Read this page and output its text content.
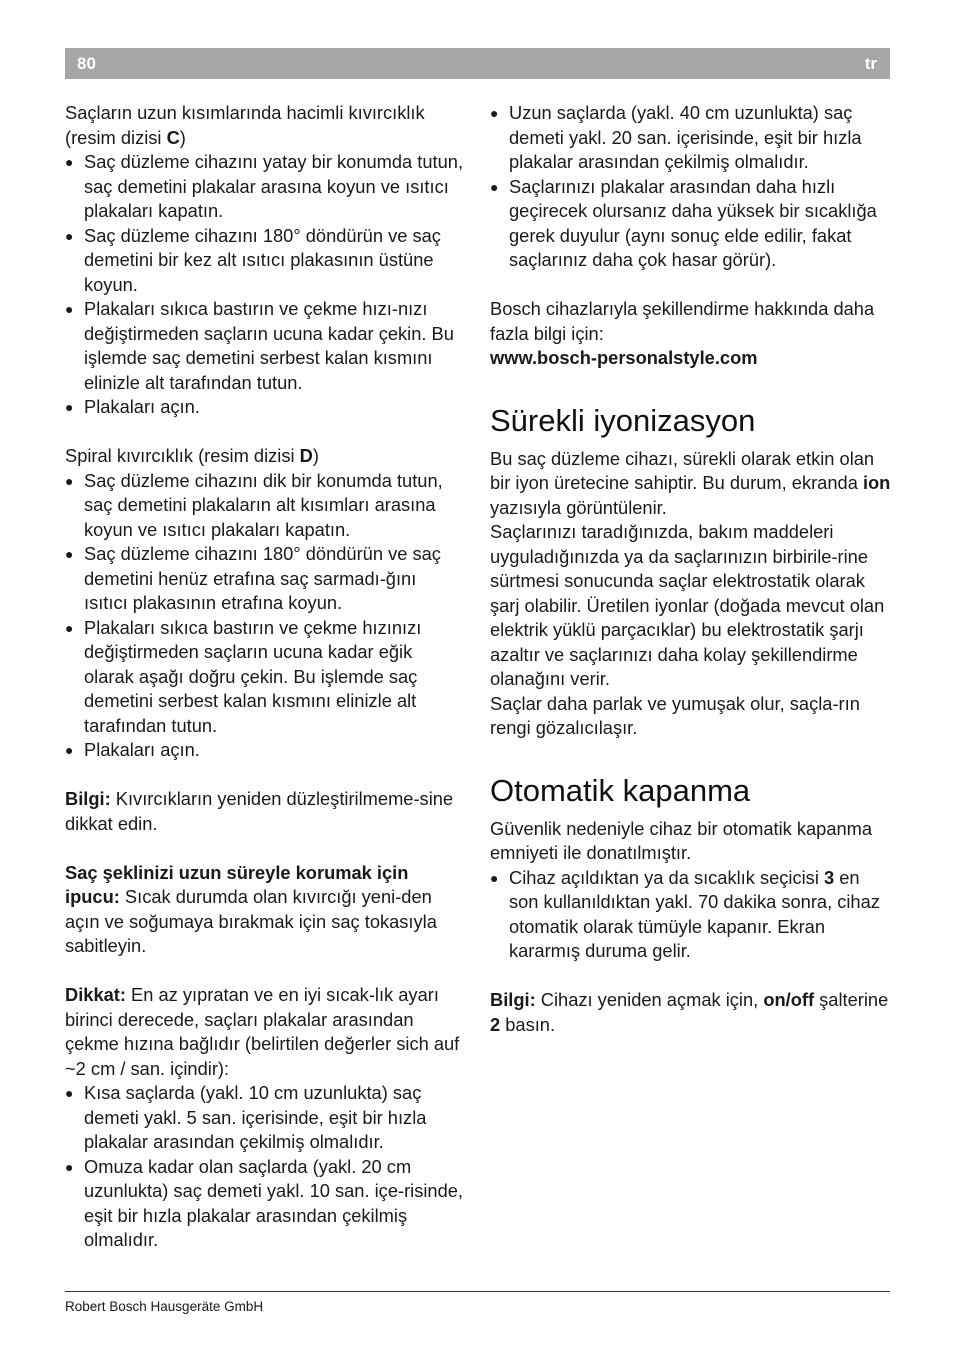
80	tr

Saçların uzun kısımlarında hacimli kıvırcıklık
(resim dizisi C)

● Saç düzleme cihazını yatay bir konumda tutun, saç demetini plakalar arasına koyun ve ısıtıcı plakaları kapatın.
● Saç düzleme cihazını 180° döndürün ve saç demetini bir kez alt ısıtıcı plakasının üstüne koyun.
● Plakaları sıkıca bastırın ve çekme hızı-nızı değiştirmeden saçların ucuna kadar çekin. Bu işlemde saç demetini serbest kalan kısmını elinizle alt tarafından tutun.
● Plakaları açın.

Spiral kıvırcıklık (resim dizisi D)

● Saç düzleme cihazını dik bir konumda tutun, saç demetini plakaların alt kısımları arasına koyun ve ısıtıcı plakaları kapatın.
● Saç düzleme cihazını 180° döndürün ve saç demetini henüz etrafına saç sarmadı-ğını ısıtıcı plakasının etrafına koyun.
● Plakaları sıkıca bastırın ve çekme hızınızı değiştirmeden saçların ucuna kadar eğik olarak aşağı doğru çekin. Bu işlemde saç demetini serbest kalan kısmını elinizle alt tarafından tutun.
● Plakaları açın.

Bilgi: Kıvırcıkların yeniden düzleştirilmeme-sine dikkat edin.

Saç şeklinizi uzun süreyle korumak için ipucu: Sıcak durumda olan kıvırcığı yeni-den açın ve soğumaya bırakmak için saç tokasıyla sabitleyin.

Dikkat: En az yıpratan ve en iyi sıcak-lık ayarı birinci derecede, saçları plakalar arasından çekme hızına bağlıdır (belirtilen değerler sich auf ~2 cm / san. içindir):

● Kısa saçlarda (yakl. 10 cm uzunlukta) saç demeti yakl. 5 san. içerisinde, eşit bir hızla plakalar arasından çekilmiş olmalıdır.
● Omuza kadar olan saçlarda (yakl. 20 cm uzunlukta) saç demeti yakl. 10 san. içe-risinde, eşit bir hızla plakalar arasından çekilmiş olmalıdır.
● Uzun saçlarda (yakl. 40 cm uzunlukta) saç demeti yakl. 20 san. içerisinde, eşit bir hızla plakalar arasından çekilmiş olmalıdır.
● Saçlarınızı plakalar arasından daha hızlı geçirecek olursanız daha yüksek bir sıcaklığa gerek duyulur (aynı sonuç elde edilir, fakat saçlarınız daha çok hasar görür).

Bosch cihazlarıyla şekillendirme hakkında daha fazla bilgi için:

www.bosch-personalstyle.com

Sürekli iyonizasyon

Bu saç düzleme cihazı, sürekli olarak etkin olan bir iyon üretecine sahiptir. Bu durum, ekranda ion yazısıyla görüntülenir.

Saçlarınızı taradığınızda, bakım maddeleri uyguladığınızda ya da saçlarınızın birbirile-rine sürtmesi sonucunda saçlar elektrostatik olarak şarj olabilir. Üretilen iyonlar (doğada mevcut olan elektrik yüklü parçacıklar) bu elektrostatik şarjı azaltır ve saçlarınızı daha kolay şekillendirme olanağını verir.

Saçlar daha parlak ve yumuşak olur, saçla-rın rengi gözalıcılaşır.

Otomatik kapanma

Güvenlik nedeniyle cihaz bir otomatik kapanma emniyeti ile donatılmıştır.

● Cihaz açıldıktan ya da sıcaklık seçicisi 3 en son kullanıldıktan yakl. 70 dakika sonra, cihaz otomatik olarak tümüyle kapanır. Ekran kararmış duruma gelir.

Bilgi: Cihazı yeniden açmak için, on/off şalterine 2 basın.

Robert Bosch Hausgeräte GmbH
